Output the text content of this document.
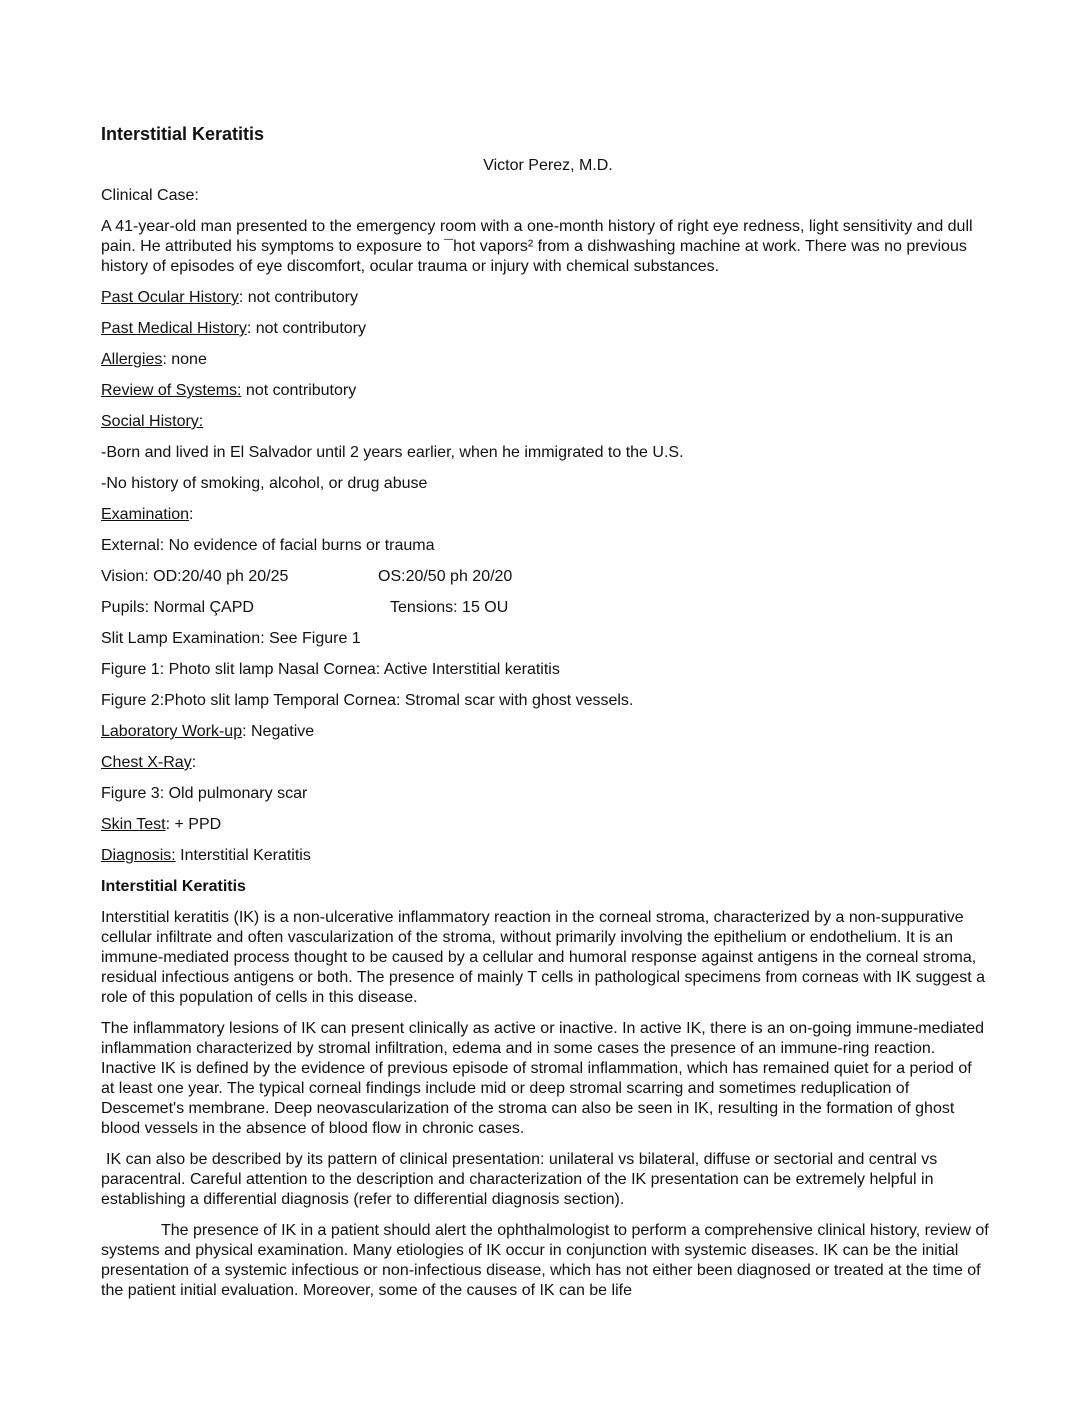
Interstitial Keratitis
Victor Perez, M.D.
Clinical Case:
A 41-year-old man presented to the emergency room with a one-month history of right eye redness, light sensitivity and dull pain. He attributed his symptoms to exposure to ¯hot vapors² from a dishwashing machine at work. There was no previous history of episodes of eye discomfort, ocular trauma or injury with chemical substances.
Past Ocular History: not contributory
Past Medical History: not contributory
Allergies: none
Review of Systems: not contributory
Social History:
-Born and lived in El Salvador until 2 years earlier, when he immigrated to the U.S.
-No history of smoking, alcohol, or drug abuse
Examination:
External: No evidence of facial burns or trauma
Vision: OD:20/40 ph 20/25	OS:20/50 ph 20/20
Pupils: Normal ÇAPD	Tensions: 15 OU
Slit Lamp Examination: See Figure 1
Figure 1: Photo slit lamp Nasal Cornea: Active Interstitial keratitis
Figure 2:Photo slit lamp Temporal Cornea: Stromal scar with ghost vessels.
Laboratory Work-up: Negative
Chest X-Ray:
Figure 3: Old pulmonary scar
Skin Test: + PPD
Diagnosis: Interstitial Keratitis
Interstitial Keratitis
Interstitial keratitis (IK) is a non-ulcerative inflammatory reaction in the corneal stroma, characterized by a non-suppurative cellular infiltrate and often vascularization of the stroma, without primarily involving the epithelium or endothelium. It is an immune-mediated process thought to be caused by a cellular and humoral response against antigens in the corneal stroma, residual infectious antigens or both. The presence of mainly T cells in pathological specimens from corneas with IK suggest a role of this population of cells in this disease.
The inflammatory lesions of IK can present clinically as active or inactive. In active IK, there is an on-going immune-mediated inflammation characterized by stromal infiltration, edema and in some cases the presence of an immune-ring reaction. Inactive IK is defined by the evidence of previous episode of stromal inflammation, which has remained quiet for a period of at least one year. The typical corneal findings include mid or deep stromal scarring and sometimes reduplication of Descemet's membrane. Deep neovascularization of the stroma can also be seen in IK, resulting in the formation of ghost blood vessels in the absence of blood flow in chronic cases.
IK can also be described by its pattern of clinical presentation: unilateral vs bilateral, diffuse or sectorial and central vs paracentral. Careful attention to the description and characterization of the IK presentation can be extremely helpful in establishing a differential diagnosis (refer to differential diagnosis section).
The presence of IK in a patient should alert the ophthalmologist to perform a comprehensive clinical history, review of systems and physical examination. Many etiologies of IK occur in conjunction with systemic diseases. IK can be the initial presentation of a systemic infectious or non-infectious disease, which has not either been diagnosed or treated at the time of the patient initial evaluation. Moreover, some of the causes of IK can be life
